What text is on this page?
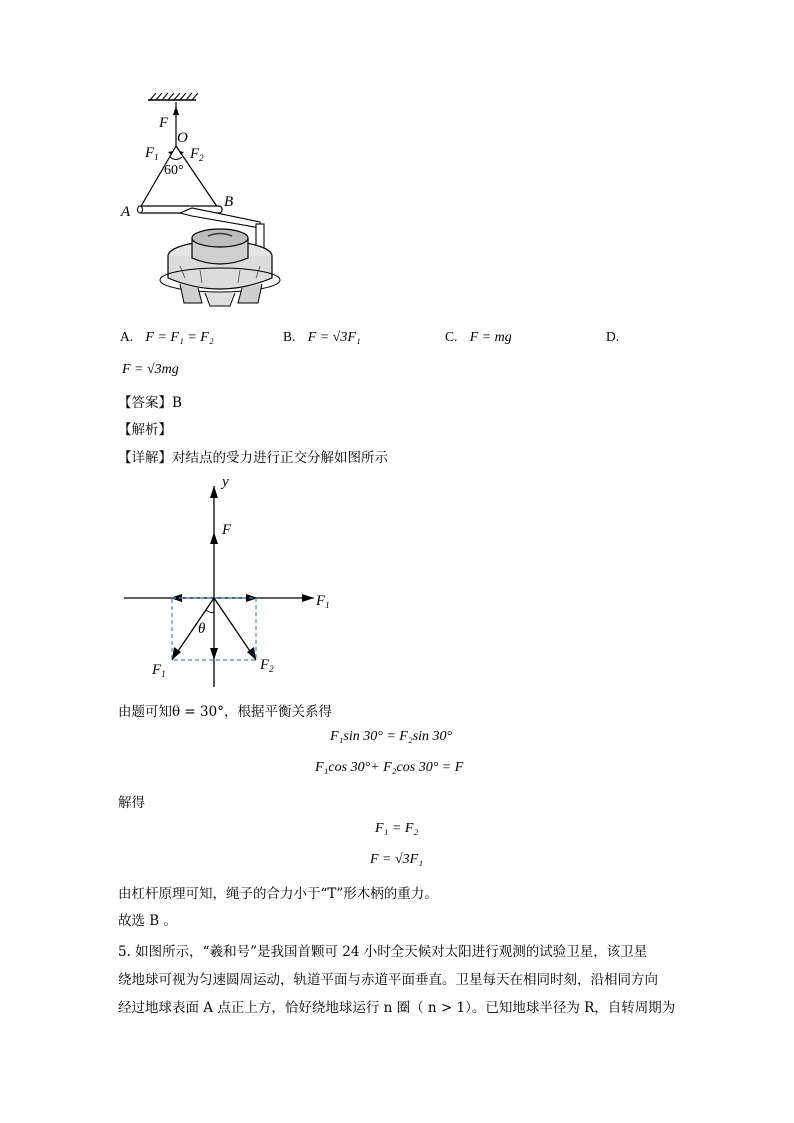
F
O
$F_1$ $F_2$
60°
A
B
A. F = F₁ = F₂	B. F = √3F₁	C. F = mg	D.
F = √3mg
【答案】B
【解析】
【详解】对结点的受力进行正交分解如图所示
y
F
$F_1$
θ
$F_1$
$F_2$
由题可知θ = 30°，根据平衡关系得
F₁sin 30° = F₂sin 30°
F₁cos 30°+ F₂cos 30° = F
解得
F₁ = F₂
F = √3F₁
由杠杆原理可知，绳子的合力小于“T”形木柄的重力。
故选 B 。
5. 如图所示，“羲和号”是我国首颗可 24 小时全天候对太阳进行观测的试验卫星，该卫星
绕地球可视为匀速圆周运动，轨道平面与赤道平面垂直。卫星每天在相同时刻，沿相同方向
经过地球表面 A 点正上方，恰好绕地球运行 n 圈（ n > 1）。已知地球半径为 R，自转周期为
